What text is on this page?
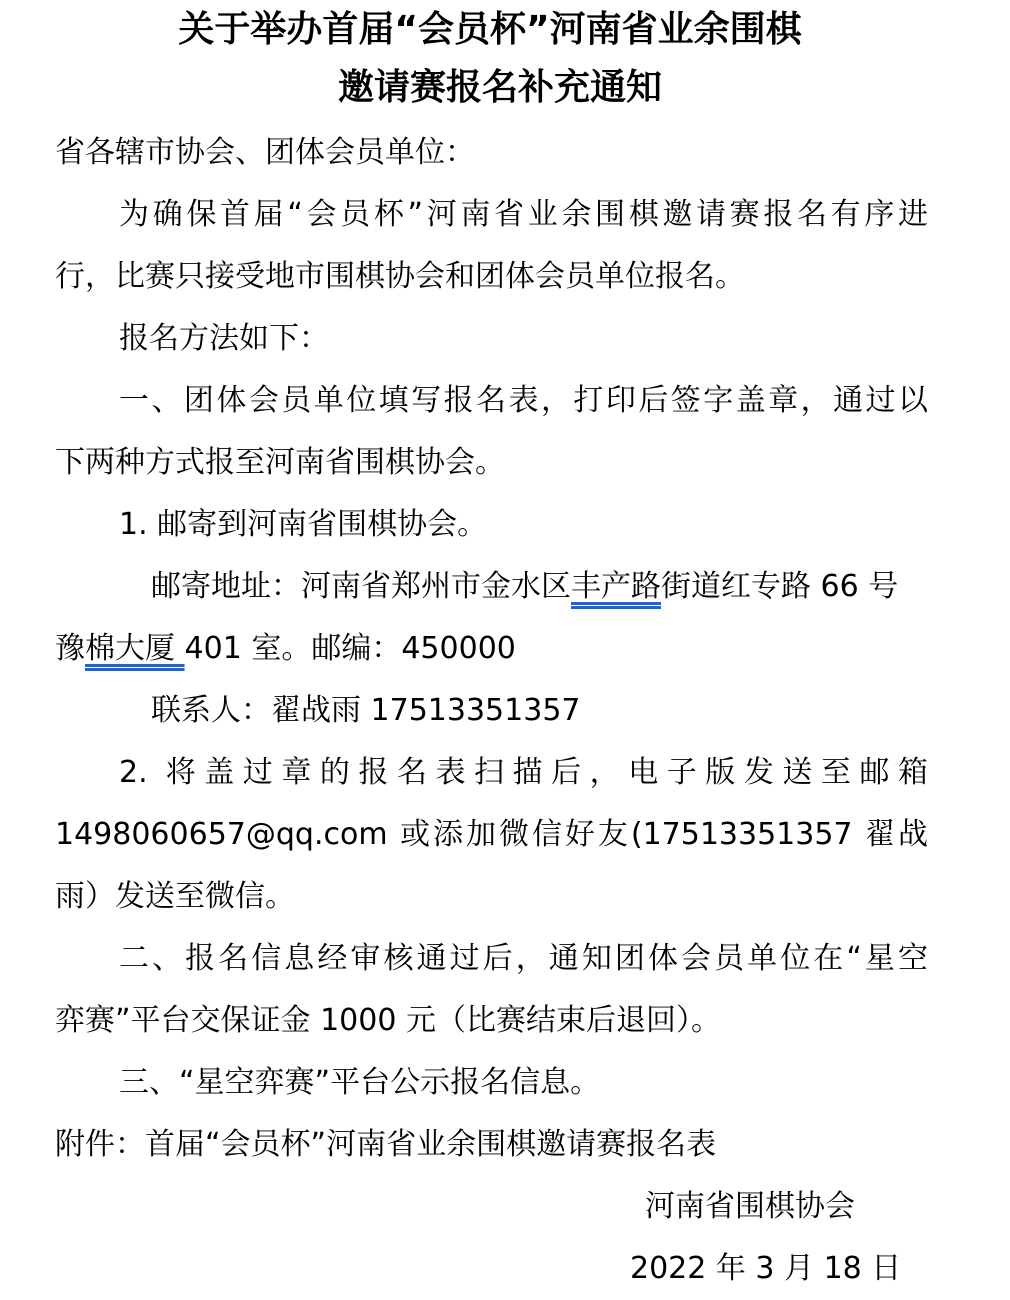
关于举办首届“会员杯”河南省业余围棋
邀请赛报名补充通知
省各辖市协会、团体会员单位：
为确保首届“会员杯”河南省业余围棋邀请赛报名有序进
行，比赛只接受地市围棋协会和团体会员单位报名。
报名方法如下：
一、团体会员单位填写报名表，打印后签字盖章，通过以
下两种方式报至河南省围棋协会。
1. 邮寄到河南省围棋协会。
邮寄地址：河南省郑州市金水区丰产路街道红专路 66 号
豫棉大厦 401 室。邮编：450000
联系人：翟战雨 17513351357
2. 将盖过章的报名表扫描后，电子版发送至邮箱
1498060657@qq.com 或添加微信好友(17513351357 翟战
雨）发送至微信。
二、报名信息经审核通过后，通知团体会员单位在“星空
弈赛”平台交保证金 1000 元（比赛结束后退回）。
三、“星空弈赛”平台公示报名信息。
附件：首届“会员杯”河南省业余围棋邀请赛报名表
河南省围棋协会
2022 年 3 月 18 日
